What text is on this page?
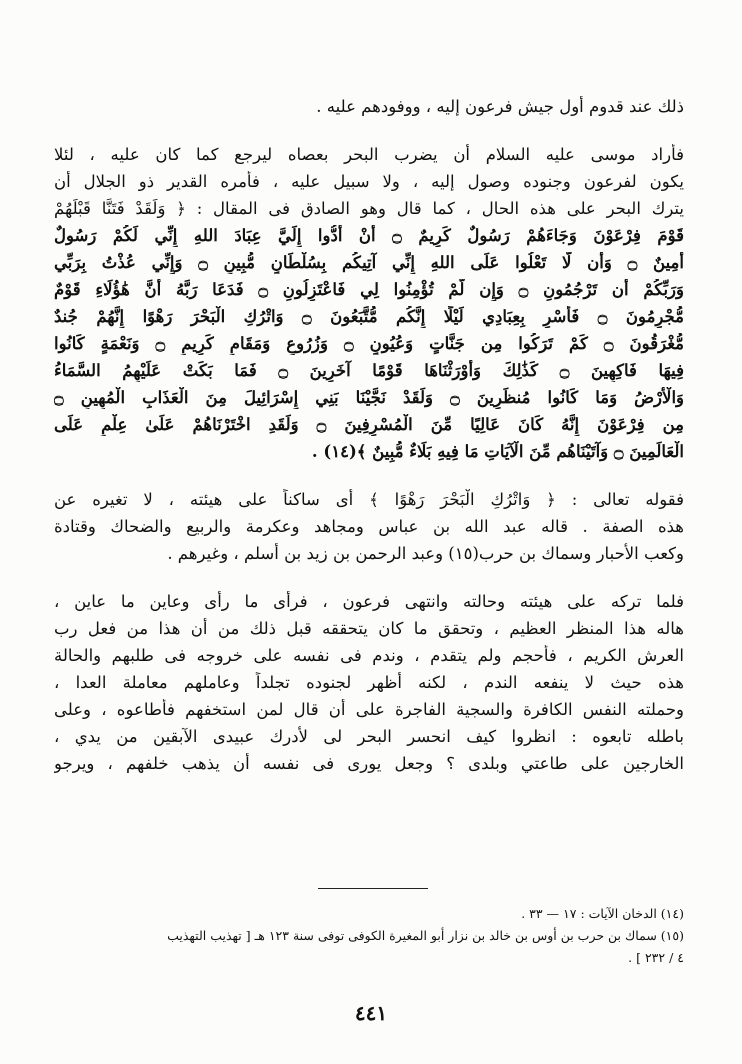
ذلك عند قدوم أول جيش فرعون إليه ، ووفودهم عليه .
فأراد موسى عليه السلام أن يضرب البحر بعصاه ليرجع كما كان عليه ، لئلا
يكون لفرعون وجنوده وصول إليه ، ولا سبيل عليه ، فأمره القدير ذو الجلال أن
يترك البحر على هذه الحال ، كما قال وهو الصادق فى المقال : ﴿ وَلَقَدْ فَتَنَّا قَبْلَهُمْ
قَوْمَ فِرْعَوْنَ وَجَاءَهُمْ رَسُولٌ كَرِيمٌ ۝ أَنْ أَدُّوا إِلَيَّ عِبَادَ اللهِ إِنِّي لَكُمْ رَسُولٌ
أَمِينٌ ۝ وَأَن لَّا تَعْلُوا عَلَى اللهِ إِنِّي آتِيكُم بِسُلْطَانٍ مُّبِينٍ ۝ وَإِنِّي عُذْتُ بِرَبِّي
وَرَبِّكُمْ أَن تَرْجُمُونِ ۝ وَإِن لَّمْ تُؤْمِنُوا لِي فَاعْتَزِلُونِ ۝ فَدَعَا رَبَّهُ أَنَّ هَٰؤُلَاءِ قَوْمٌ
مُّجْرِمُونَ ۝ فَأَسْرِ بِعِبَادِي لَيْلًا إِنَّكُم مُّتَّبَعُونَ ۝ وَاتْرُكِ الْبَحْرَ رَهْوًا إِنَّهُمْ جُندٌ
مُّغْرَقُونَ ۝ كَمْ تَرَكُوا مِن جَنَّاتٍ وَعُيُونٍ ۝ وَزُرُوعٍ وَمَقَامٍ كَرِيمٍ ۝ وَنَعْمَةٍ كَانُوا
فِيهَا فَاكِهِينَ ۝ كَذَٰلِكَ وَأَوْرَثْنَاهَا قَوْمًا آخَرِينَ ۝ فَمَا بَكَتْ عَلَيْهِمُ السَّمَاءُ
وَالْأَرْضُ وَمَا كَانُوا مُنظَرِينَ ۝ وَلَقَدْ نَجَّيْنَا بَنِي إِسْرَائِيلَ مِنَ الْعَذَابِ الْمُهِينِ ۝
مِن فِرْعَوْنَ إِنَّهُ كَانَ عَالِيًا مِّنَ الْمُسْرِفِينَ ۝ وَلَقَدِ اخْتَرْنَاهُمْ عَلَىٰ عِلْمٍ عَلَى
الْعَالَمِينَ ۝ وَآتَيْنَاهُم مِّنَ الْآيَاتِ مَا فِيهِ بَلَاءٌ مُّبِينٌ ﴾(١٤) .
فقوله تعالى : ﴿ وَاتْرُكِ الْبَحْرَ رَهْوًا ﴾ أى ساكناً على هيئته ، لا تغيره عن
هذه الصفة . قاله عبد الله بن عباس ومجاهد وعكرمة والربيع والضحاك وقتادة
وكعب الأحبار وسماك بن حرب(١٥) وعبد الرحمن بن زيد بن أسلم ، وغيرهم .
فلما تركه على هيئته وحالته وانتهى فرعون ، فرأى ما رأى وعاين ما عاين ،
هاله هذا المنظر العظيم ، وتحقق ما كان يتحققه قبل ذلك من أن هذا من فعل رب
العرش الكريم ، فأحجم ولم يتقدم ، وندم فى نفسه على خروجه فى طلبهم والحالة
هذه حيث لا ينفعه الندم ، لكنه أظهر لجنوده تجلداً وعاملهم معاملة العدا ،
وحملته النفس الكافرة والسجية الفاجرة على أن قال لمن استخفهم فأطاعوه ، وعلى
باطله تابعوه : انظروا كيف انحسر البحر لى لأدرك عبيدى الآبقين من يدي ،
الخارجين على طاعتي وبلدى ؟ وجعل يورى فى نفسه أن يذهب خلفهم ، ويرجو
(١٤) الدخان الآيات : ١٧ — ٣٣ .
(١٥) سماك بن حرب بن أوس بن خالد بن نزار أبو المغيرة الكوفى توفى سنة ١٢٣ هـ [ تهذيب التهذيب
٤ / ٢٣٢ ] .
٤٤١
